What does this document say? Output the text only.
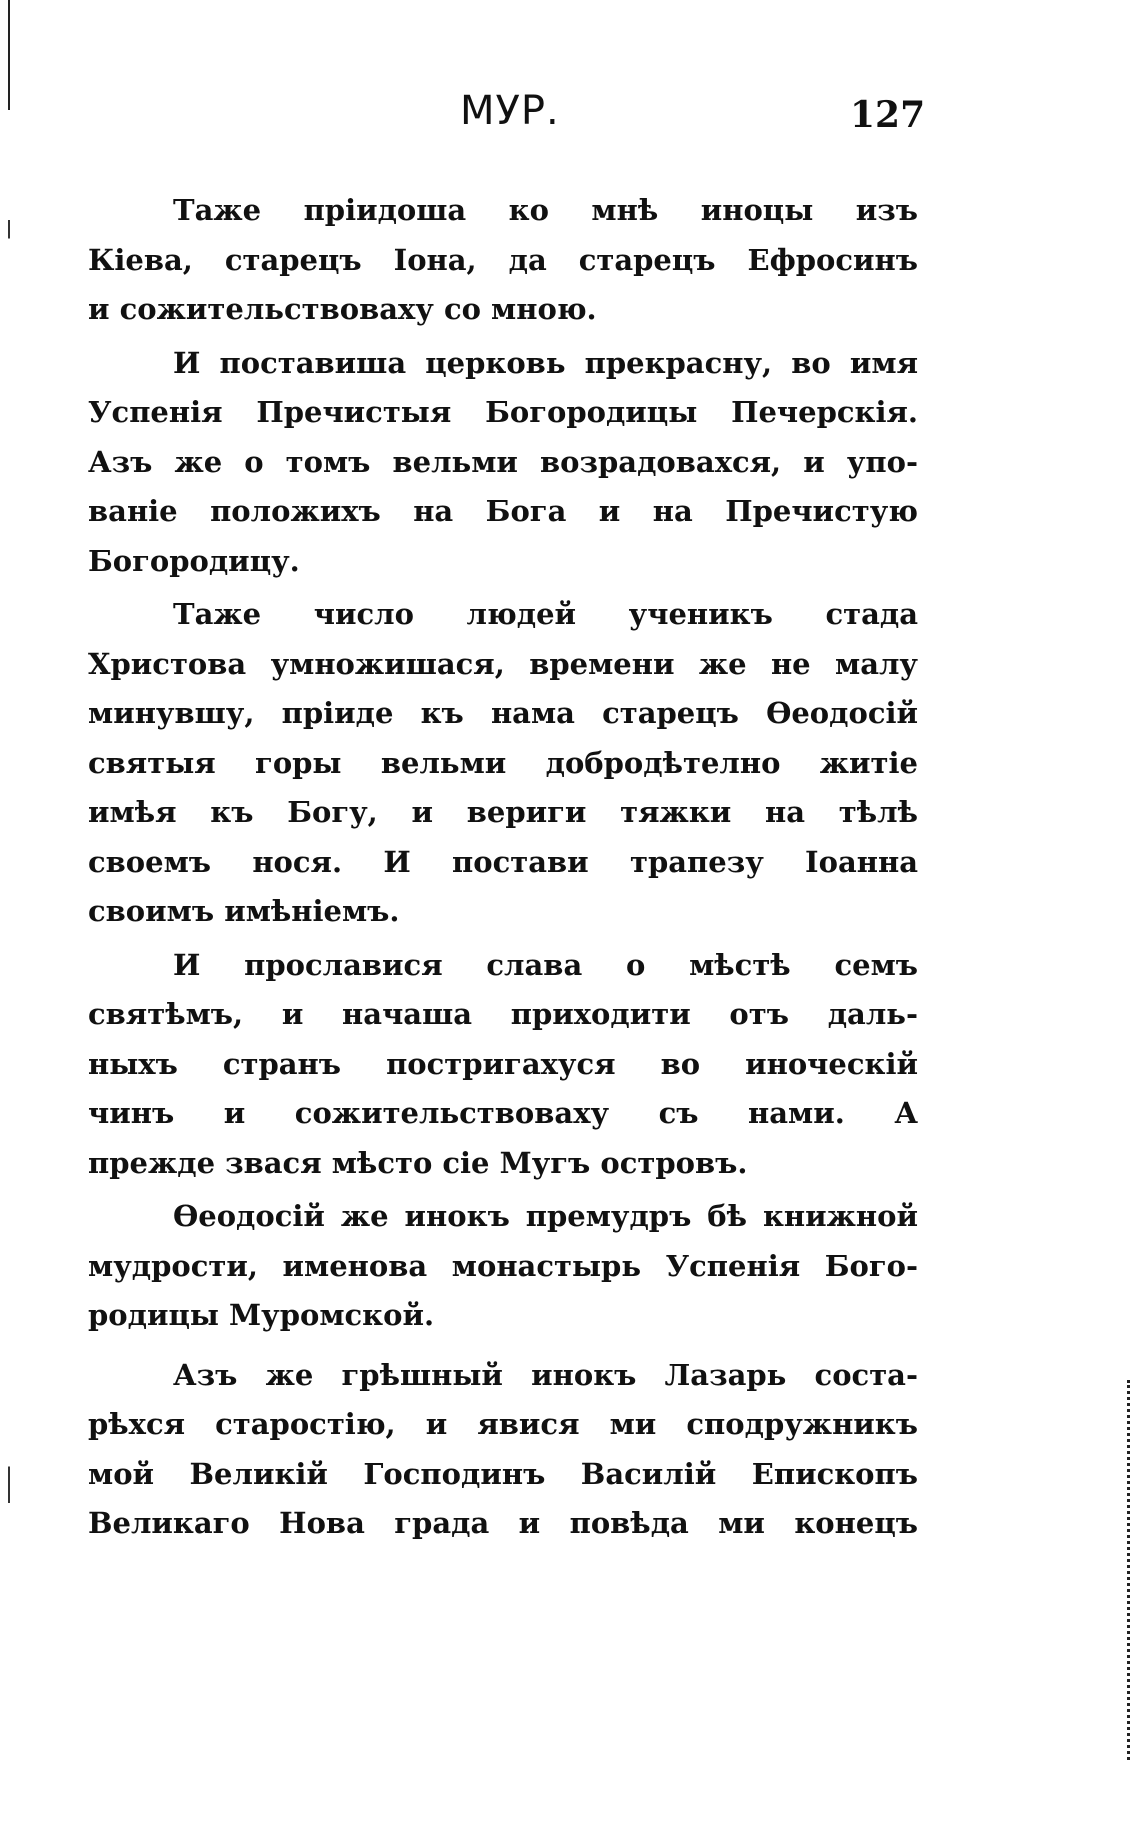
МУР.	127
Таже пріидоша ко мнѣ иноцы изъ
Кіева, старецъ Іона, да старецъ Ефросинъ
и сожительствоваху со мною.
И поставиша церковь прекрасну, во имя
Успенія Пречистыя Богородицы Печерскія.
Азъ же о томъ вельми возрадовахся, и упо-
ваніе положихъ на Бога и на Пречистую
Богородицу.
Таже число людей ученикъ стада
Христова умножишася, времени же не малу
минувшу, пріиде къ нама старецъ Ѳеодосій
святыя горы вельми добродѣтелно житіе
имѣя къ Богу, и вериги тяжки на тѣлѣ
своемъ нося. И постави трапезу Іоанна
своимъ имѣніемъ.
И прославися слава о мѣстѣ семъ
святѣмъ, и начаша приходити отъ даль-
ныхъ странъ постригахуся во иноческій
чинъ и сожительствоваху съ нами. А
прежде звася мѣсто сіе Мугъ островъ.
Ѳеодосій же инокъ премудръ бѣ книжной
мудрости, именова монастырь Успенія Бого-
родицы Муромской.
Азъ же грѣшный инокъ Лазарь соста-
рѣхся старостію, и явися ми сподружникъ
мой Великій Господинъ Василій Епископъ
Великаго Нова града и повѣда ми конецъ
